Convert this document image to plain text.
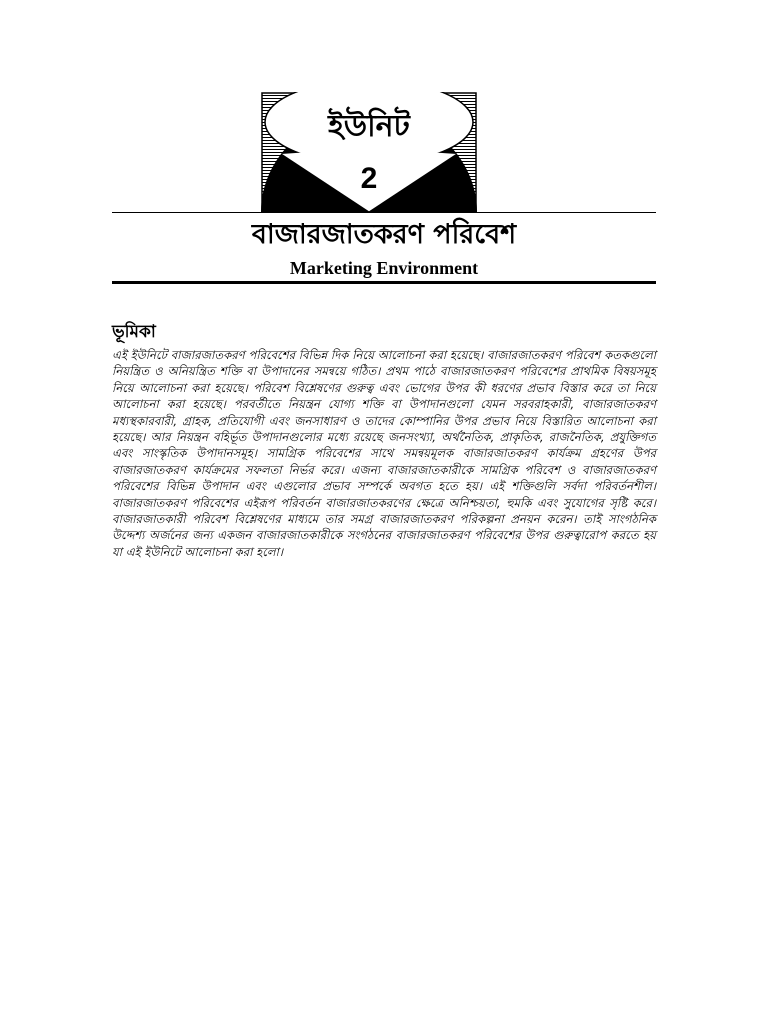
ইউনিট
2
বাজারজাতকরণ পরিবেশ
Marketing Environment
ভূমিকা

এই ইউনিটে বাজারজাতকরণ পরিবেশের বিভিন্ন দিক নিয়ে আলোচনা করা হয়েছে। বাজারজাতকরণ পরিবেশ কতকগুলো নিয়ন্ত্রিত ও অনিয়ন্ত্রিত শক্তি বা উপাদানের সমন্বয়ে গঠিত। প্রথম পাঠে বাজারজাতকরণ পরিবেশের প্রাথমিক বিষয়সমূহ নিয়ে আলোচনা করা হয়েছে। পরিবেশ বিশ্লেষণের গুরুত্ব এবং ভোগের উপর কী ধরণের প্রভাব বিস্তার করে তা নিয়ে আলোচনা করা হয়েছে। পরবর্তীতে নিয়ন্ত্রন যোগ্য শক্তি বা উপাদানগুলো যেমন সরবরাহকারী, বাজারজাতকরণ মধ্যস্থকারবারী, গ্রাহক, প্রতিযোগী এবং জনসাধারণ ও তাদের কোম্পানির উপর প্রভাব নিয়ে বিস্তারিত আলোচনা করা হয়েছে। আর নিয়ন্ত্রন বহির্ভূত উপাদানগুলোর মধ্যে রয়েছে জনসংখ্যা, অর্থনৈতিক, প্রাকৃতিক, রাজনৈতিক, প্রযুক্তিগত এবং সাংস্কৃতিক উপাদানসমূহ। সামগ্রিক পরিবেশের সাথে সমন্বয়মূলক বাজারজাতকরণ কার্যক্রম গ্রহণের উপর বাজারজাতকরণ কার্যক্রমের সফলতা নির্ভর করে। এজন্য বাজারজাতকারীকে সামগ্রিক পরিবেশ ও বাজারজাতকরণ পরিবেশের বিভিন্ন উপাদান এবং এগুলোর প্রভাব সম্পর্কে অবগত হতে হয়। এই শক্তিগুলি সর্বদা পরিবর্তনশীল। বাজারজাতকরণ পরিবেশের এইরূপ পরিবর্তন বাজারজাতকরণের ক্ষেত্রে অনিশ্চয়তা, হুমকি এবং সুযোগের সৃষ্টি করে। বাজারজাতকারী পরিবেশ বিশ্লেষণের মাধ্যমে তার সমগ্র বাজারজাতকরণ পরিকল্পনা প্রনয়ন করেন। তাই সাংগঠনিক উদ্দেশ্য অর্জনের জন্য একজন বাজারজাতকারীকে সংগঠনের বাজারজাতকরণ পরিবেশের উপর গুরুত্বারোপ করতে হয় যা এই ইউনিটে আলোচনা করা হলো।
